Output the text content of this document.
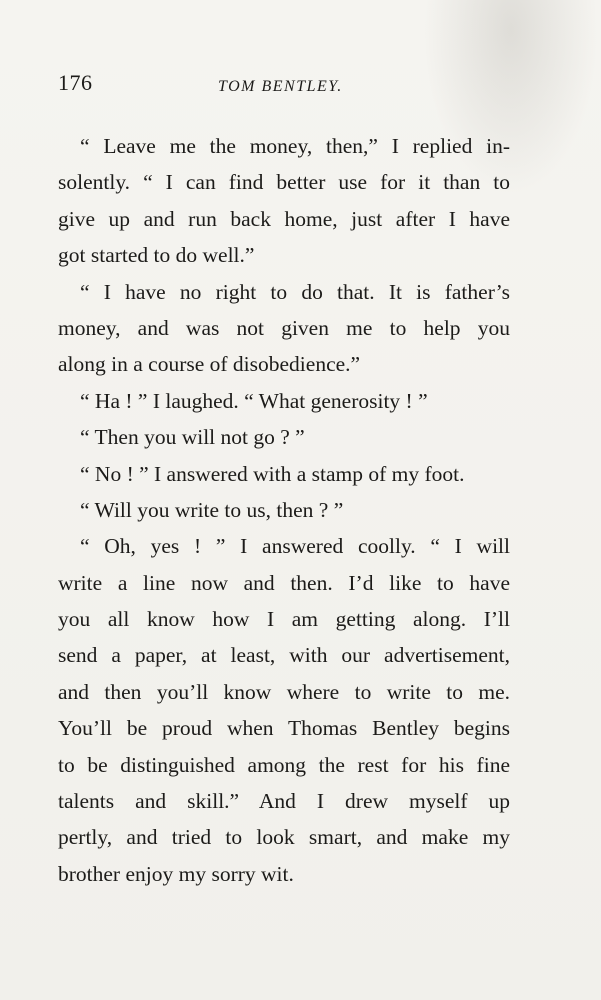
176	TOM BENTLEY.
“ Leave me the money, then,” I replied in-
solently. “ I can find better use for it than to
give up and run back home, just after I have
got started to do well.”
“ I have no right to do that. It is father’s
money, and was not given me to help you
along in a course of disobedience.”
“ Ha ! ” I laughed. “ What generosity ! ”
“ Then you will not go ? ”
“ No ! ” I answered with a stamp of my foot.
“ Will you write to us, then ? ”
“ Oh, yes ! ” I answered coolly. “ I will
write a line now and then. I’d like to have
you all know how I am getting along. I’ll
send a paper, at least, with our advertisement,
and then you’ll know where to write to me.
You’ll be proud when Thomas Bentley begins
to be distinguished among the rest for his fine
talents and skill.” And I drew myself up
pertly, and tried to look smart, and make my
brother enjoy my sorry wit.
